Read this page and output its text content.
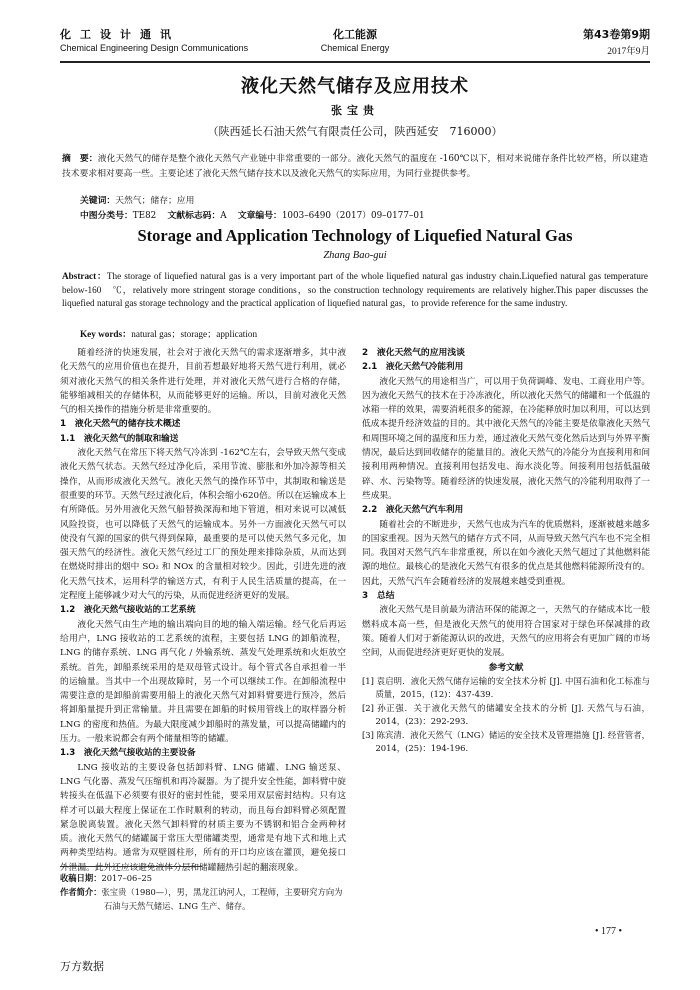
化工设计通讯
Chemical Engineering Design Communications
化工能源
Chemical Energy
第43卷第9期
2017年9月
液化天然气储存及应用技术
张宝贵
（陕西延长石油天然气有限责任公司，陕西延安　716000）
摘　要：液化天然气的储存是整个液化天然气产业链中非常重要的一部分。液化天然气的温度在 -160℃以下，相对来说储存条件比较严格，所以建造技术要求相对要高一些。主要论述了液化天然气储存技术以及液化天然气的实际应用，为同行业提供参考。
关键词：天然气；储存；应用
中图分类号：TE82 文献标志码：A 文章编号：1003–6490（2017）09–0177–01
Storage and Application Technology of Liquefied Natural Gas
Zhang Bao-gui
Abstract：The storage of liquefied natural gas is a very important part of the whole liquefied natural gas industry chain.Liquefied natural gas temperature below-160　℃，relatively more stringent storage conditions，so the construction technology requirements are relatively higher.This paper discusses the liquefied natural gas storage technology and the practical application of liquefied natural gas，to provide reference for the same industry.
Key words：natural gas；storage；application

随着经济的快速发展，社会对于液化天然气的需求逐渐增多，其中液化天然气的应用价值也在提升，目前若想最好地将天然气进行利用，就必须对液化天然气的相关条件进行处理，并对液化天然气进行合格的存储，能够缩减相关的存储体积，从而能够更好的运输。所以，目前对液化天然气的相关操作的措施分析是非常重要的。

1　液化天然气的储存技术概述
1.1　液化天然气的制取和输送

液化天然气在常压下将天然气冷冻到 -162℃左右，会导致天然气变成液化天然气状态。天然气经过净化后，采用节流、膨胀和外加冷源等相关操作，从而形成液化天然气。液化天然气的操作环节中，其制取和输送是很重要的环节。天然气经过液化后，体积会缩小620倍。所以在运输成本上有所降低。另外用液化天然气船替换深海和地下管道，相对来说可以减低风险投资，也可以降低了天然气的运输成本。另外一方面液化天然气可以使没有气源的国家的供气得到保障，最重要的是可以使天然气多元化，加强天然气的经济性。液化天然气经过工厂的预处理来排除杂质，从而达到在燃烧时排出的烟中 SO₂ 和 NOx 的含量相对较少。因此，引进先进的液化天然气技术，运用科学的输送方式，有利于人民生活质量的提高，在一定程度上能够减少对大气的污染，从而促进经济更好的发展。

1.2　液化天然气接收站的工艺系统

液化天然气由生产地的输出端向目的地的输入端运输。经气化后再运给用户，LNG 接收站的工艺系统的流程，主要包括 LNG 的卸船流程，LNG 的储存系统、LNG 再气化 / 外输系统、蒸发气处理系统和火炬放空系统。首先，卸船系统采用的是双母管式设计。每个管式各自承担着一半的运输量。当其中一个出现故障时，另一个可以继续工作。在卸船流程中需要注意的是卸船前需要用船上的液化天然气对卸料臂要进行预冷，然后将卸船量提升到正常输量。并且需要在卸船的时候用管线上的取样器分析 LNG 的密度和热值。为最大限度减少卸船时的蒸发量，可以提高储罐内的压力。一般来说都会有两个储量相等的储罐。

1.3　液化天然气接收站的主要设备

LNG 接收站的主要设备包括卸料臂、LNG 储罐、LNG 输送泵、LNG 气化器、蒸发气压缩机和再冷凝器。为了提升安全性能，卸料臂中旋转接头在低温下必须要有很好的密封性能，要采用双层密封结构。只有这样才可以最大程度上保证在工作时顺利的转动，而且每台卸料臂必须配置紧急脱离装置。液化天然气卸料臂的材质主要为不锈钢和铝合金两种材质。液化天然气的储罐属于常压大型储罐类型，通常是有地下式和地上式两种类型结构。通常为双壁圆柱形，所有的开口均应该在灌顶，避免接口外泄漏。此外还应该避免液体分层和储罐翻热引起的翻滚现象。

2　液化天然气的应用浅谈
2.1　液化天然气冷能利用

液化天然气的用途相当广，可以用于负荷调峰、发电、工商业用户等。因为液化天然气的技术在于冷冻液化，所以液化天然气的储罐和一个低温的冰箱一样的效果，需要消耗很多的能源，在冷能释放时加以利用，可以达到低成本提升经济效益的目的。其中液化天然气的冷能主要是依靠液化天然气和周围环境之间的温度和压力差，通过液化天然气变化然后达到与外界平衡情况，最后达到回收储存的能量目的。液化天然气的冷能分为直接利用和间接利用两种情况。直接利用包括发电、海水淡化等。间接利用包括低温破碎、水、污染物等。随着经济的快速发展，液化天然气的冷能利用取得了一些成果。

2.2　液化天然气汽车利用

随着社会的不断进步，天然气也成为汽车的优质燃料，逐渐被越来越多的国家重视。因为天然气的储存方式不同，从而导致天然气汽车也不完全相同。我国对天然气汽车非常重视，所以在如今液化天然气超过了其他燃料能源的地位。最核心的是液化天然气有很多的优点是其他燃料能源所没有的。因此，天然气汽车会随着经济的发展越来越受到重视。

3　总结

液化天然气是目前最为清洁环保的能源之一，天然气的存储成本比一般燃料成本高一些，但是液化天然气的使用符合国家对于绿色环保减排的政策。随着人们对于新能源认识的改进，天然气的应用将会有更加广阔的市场空间，从而促进经济更好更快的发展。

参考文献
[1] 袁启明．液化天然气储存运输的安全技术分析 [J]. 中国石油和化工标准与质量，2015，(12)：437-439.
[2] 孙正强．关于液化天然气的储罐安全技术的分析 [J]. 天然气与石油，2014，(23)：292-293.
[3] 陈宾清．液化天然气（LNG）储运的安全技术及管理措施 [J]. 经营管者，2014，(25)：194-196.
收稿日期：2017–06–25
作者简介：张宝贵（1980—），男，黑龙江讷河人，工程师，主要研究方向为石油与天然气储运、LNG 生产、储存。
• 177 •
万方数据
